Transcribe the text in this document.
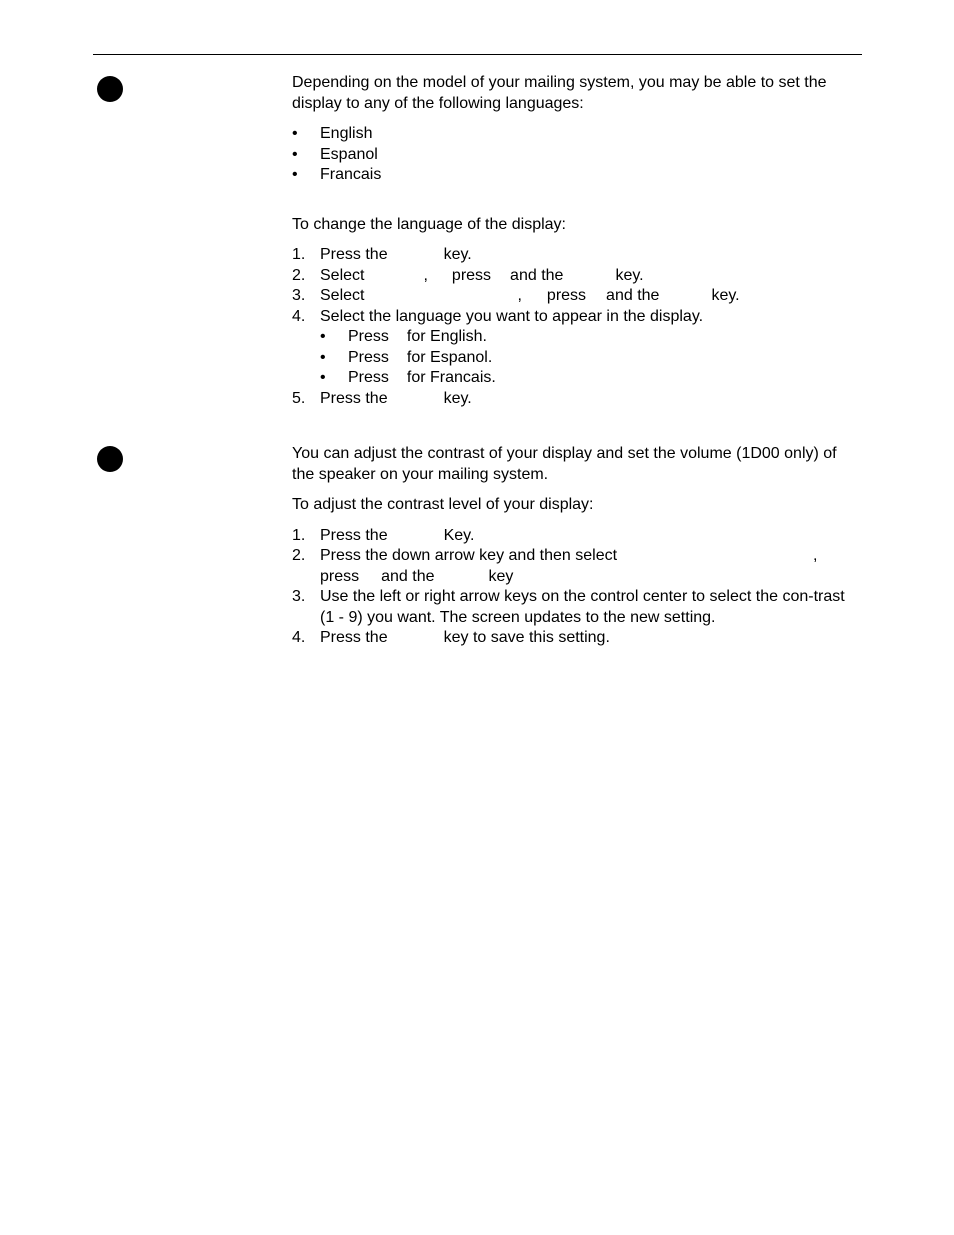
Depending on the model of your mailing system, you may be able to set the display to any of the following languages:

•	English
•	Espanol
•	Francais

To change the language of the display:

1. Press the	key.
2. Select	, press and the	key.
3. Select	, press and the	key.
4. Select the language you want to appear in the display.
•	Press for English.
•	Press for Espanol.
•	Press for Francais.
5. Press the	key.

You can adjust the contrast of your display and set the volume (1D00 only) of the speaker on your mailing system.

To adjust the contrast level of your display:

1. Press the	Key.
2. Press the down arrow key and then select	,
press and the	key
3. Use the left or right arrow keys on the control center to select the con-trast (1 - 9) you want. The screen updates to the new setting.
4. Press the	key to save this setting.
